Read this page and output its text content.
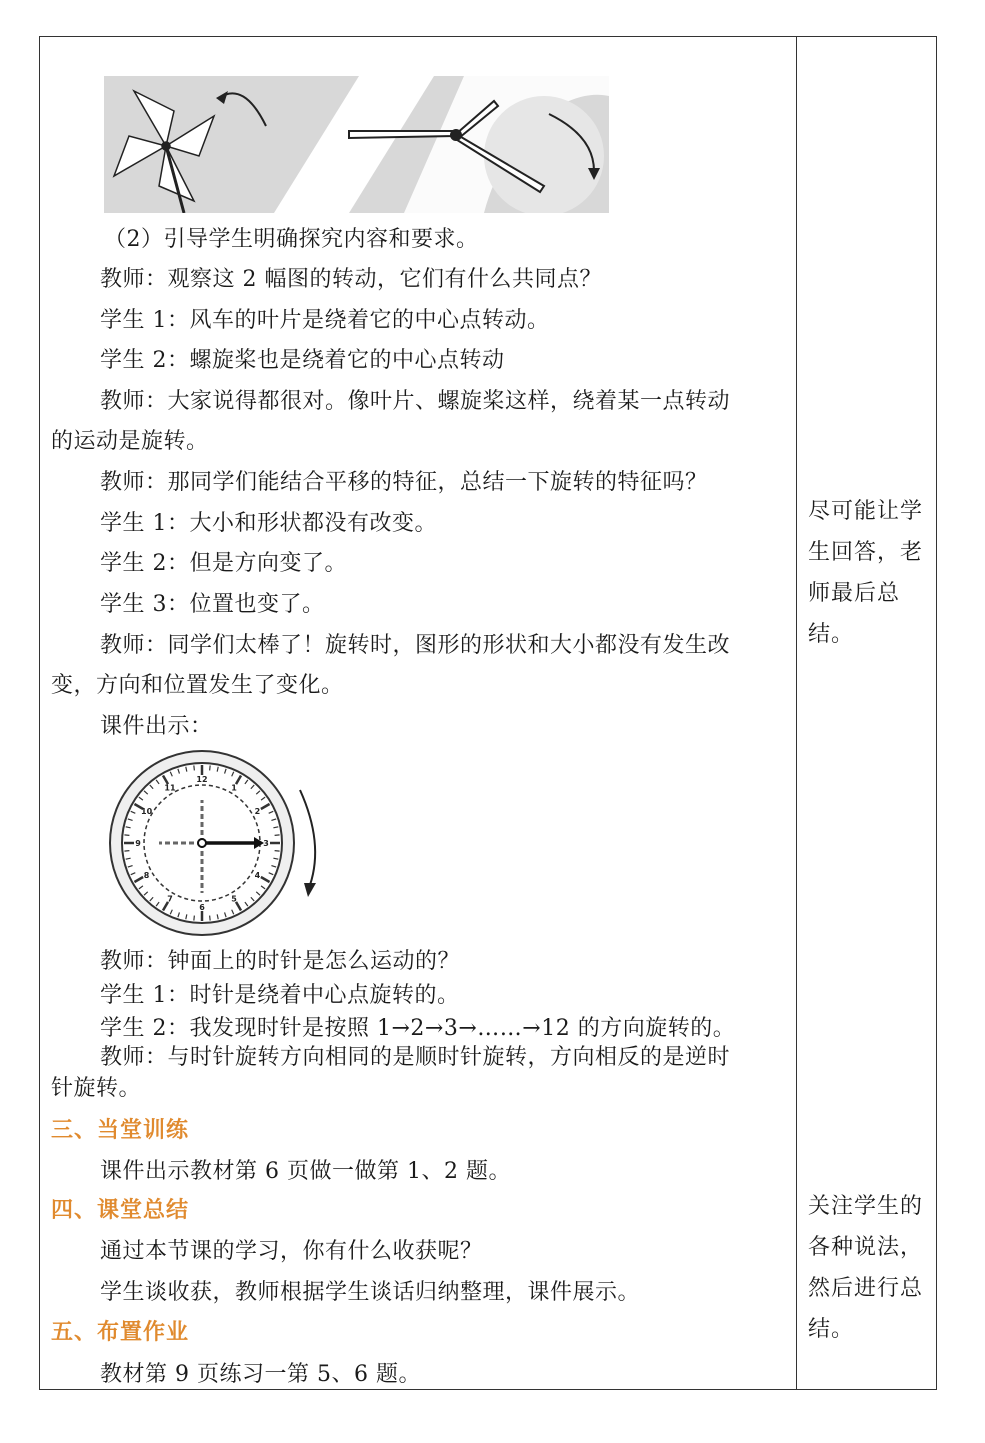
12
1
2
3
4
5
6
7
8
9
10
11
（2）引导学生明确探究内容和要求。
教师：观察这 2 幅图的转动，它们有什么共同点？
学生 1：风车的叶片是绕着它的中心点转动。
学生 2：螺旋桨也是绕着它的中心点转动
教师：大家说得都很对。像叶片、螺旋桨这样，绕着某一点转动
的运动是旋转。
教师：那同学们能结合平移的特征，总结一下旋转的特征吗？
学生 1：大小和形状都没有改变。
学生 2：但是方向变了。
学生 3：位置也变了。
教师：同学们太棒了！旋转时，图形的形状和大小都没有发生改
变，方向和位置发生了变化。
课件出示：
教师：钟面上的时针是怎么运动的？
学生 1：时针是绕着中心点旋转的。
学生 2：我发现时针是按照 1→2→3→……→12 的方向旋转的。
教师：与时针旋转方向相同的是顺时针旋转，方向相反的是逆时
针旋转。
三、当堂训练
课件出示教材第 6 页做一做第 1、2 题。
四、课堂总结
通过本节课的学习，你有什么收获呢？
学生谈收获，教师根据学生谈话归纳整理，课件展示。
五、布置作业
教材第 9 页练习一第 5、6 题。
尽可能让学生回答，老师最后总结。
关注学生的各种说法，然后进行总结。
